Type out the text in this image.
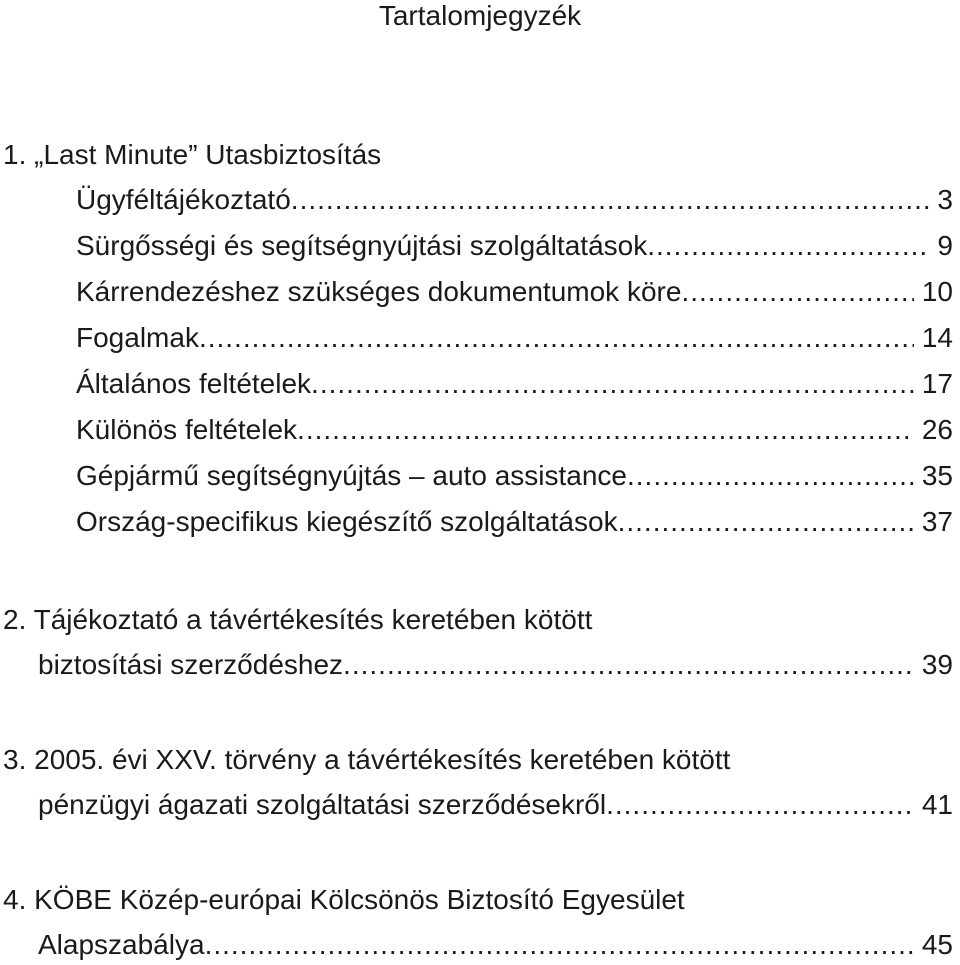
Tartalomjegyzék
1. „Last Minute” Utasbiztosítás
Ügyféltájékoztató .....	3
Sürgősségi és segítségnyújtási szolgáltatások .....	9
Kárrendezéshez szükséges dokumentumok köre .....	10
Fogalmak .....	14
Általános feltételek .....	17
Különös feltételek .....	26
Gépjármű segítségnyújtás – auto assistance .....	35
Ország-specifikus kiegészítő szolgáltatások .....	37
2. Tájékoztató a távértékesítés keretében kötött
biztosítási szerződéshez .....	39
3. 2005. évi XXV. törvény a távértékesítés keretében kötött
pénzügyi ágazati szolgáltatási szerződésekről .....	41
4. KÖBE Közép-európai Kölcsönös Biztosító Egyesület
Alapszabálya .....	45
